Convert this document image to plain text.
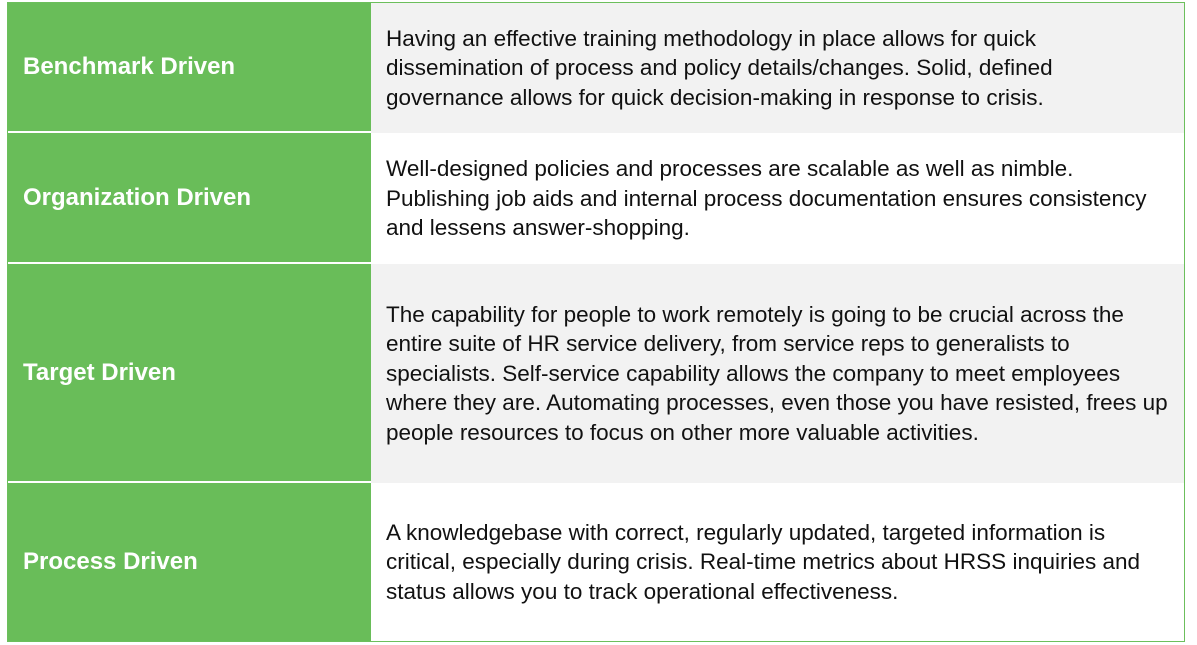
Benchmark Driven
Having an effective training methodology in place allows for quick dissemination of process and policy details/changes. Solid, defined governance allows for quick decision-making in response to crisis.
Organization Driven
Well-designed policies and processes are scalable as well as nimble. Publishing job aids and internal process documentation ensures consistency and lessens answer-shopping.
Target Driven
The capability for people to work remotely is going to be crucial across the entire suite of HR service delivery, from service reps to generalists to specialists. Self-service capability allows the company to meet employees where they are. Automating processes, even those you have resisted, frees up people resources to focus on other more valuable activities.
Process Driven
A knowledgebase with correct, regularly updated, targeted information is critical, especially during crisis. Real-time metrics about HRSS inquiries and status allows you to track operational effectiveness.
